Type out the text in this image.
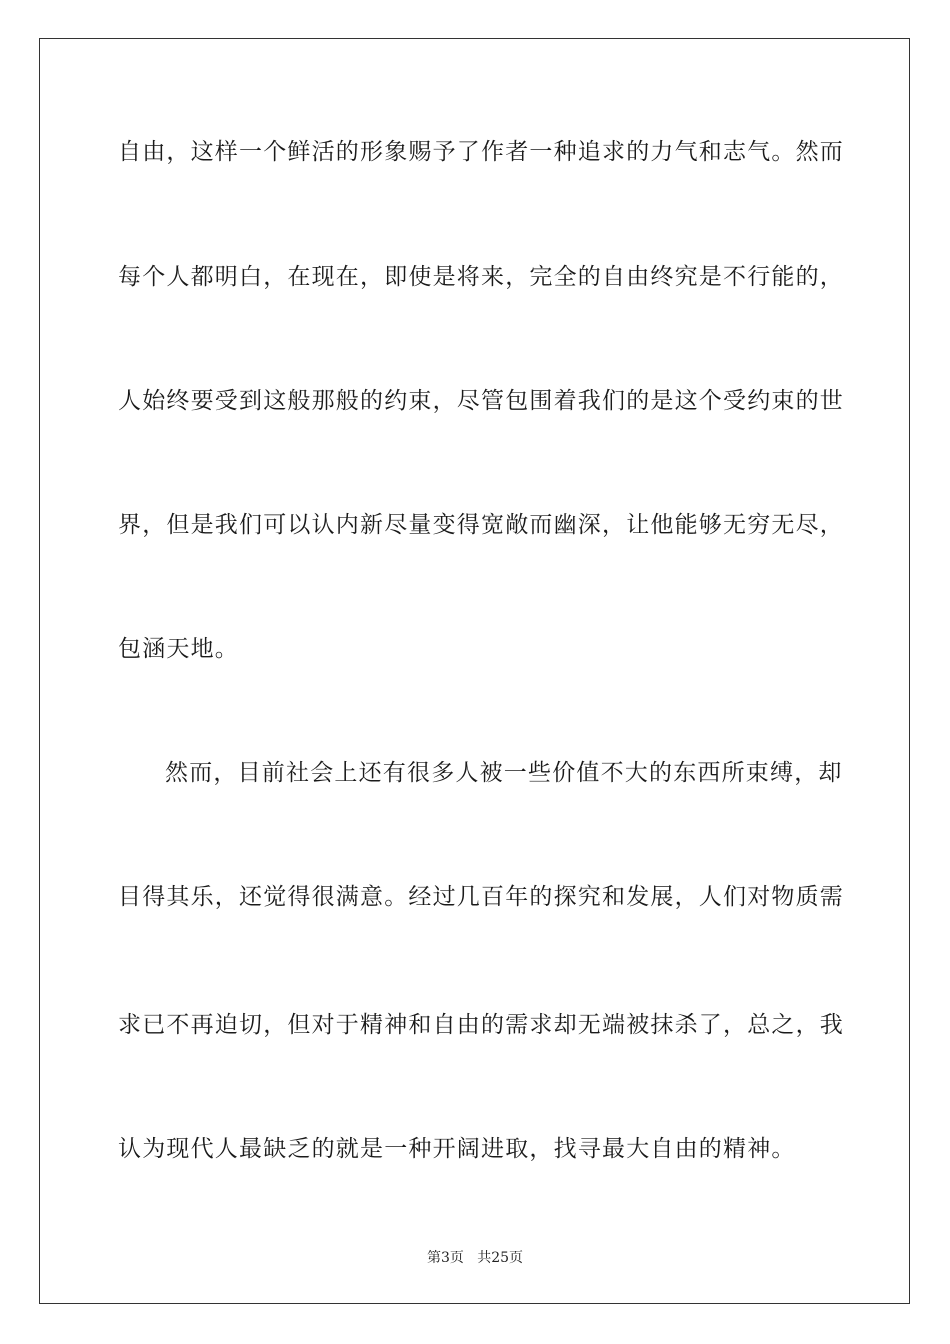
自由，这样一个鲜活的形象赐予了作者一种追求的力气和志气。然而
每个人都明白，在现在，即使是将来，完全的自由终究是不行能的，
人始终要受到这般那般的约束，尽管包围着我们的是这个受约束的世
界，但是我们可以认内新尽量变得宽敞而幽深，让他能够无穷无尽，
包涵天地。
然而，目前社会上还有很多人被一些价值不大的东西所束缚，却
目得其乐，还觉得很满意。经过几百年的探究和发展，人们对物质需
求已不再迫切，但对于精神和自由的需求却无端被抹杀了，总之，我
认为现代人最缺乏的就是一种开阔进取，找寻最大自由的精神。
第3页   共25页
